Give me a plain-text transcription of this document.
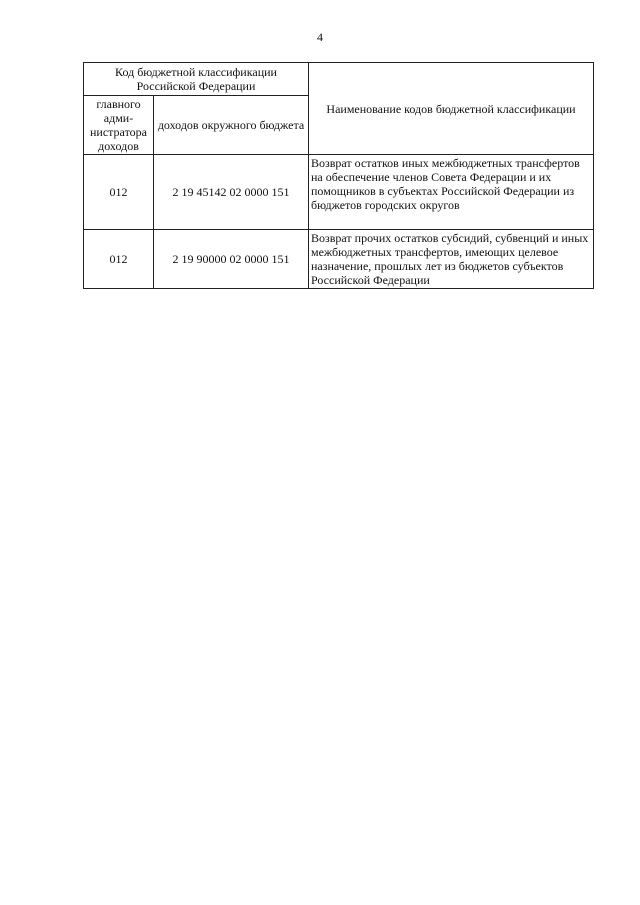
4
Код бюджетной классификации Российской Федерации		Наименование кодов бюджетной классификации
главного адми-нистратора доходов	доходов окружного бюджета	
012	2 19 45142 02 0000 151	Возврат остатков иных межбюджетных трансфертов на обеспечение членов Совета Федерации и их помощников в субъектах Российской Федерации из бюджетов городских округов
012	2 19 90000 02 0000 151	Возврат прочих остатков субсидий, субвенций и иных межбюджетных трансфертов, имеющих целевое назначение, прошлых лет из бюджетов субъектов Российской Федерации
